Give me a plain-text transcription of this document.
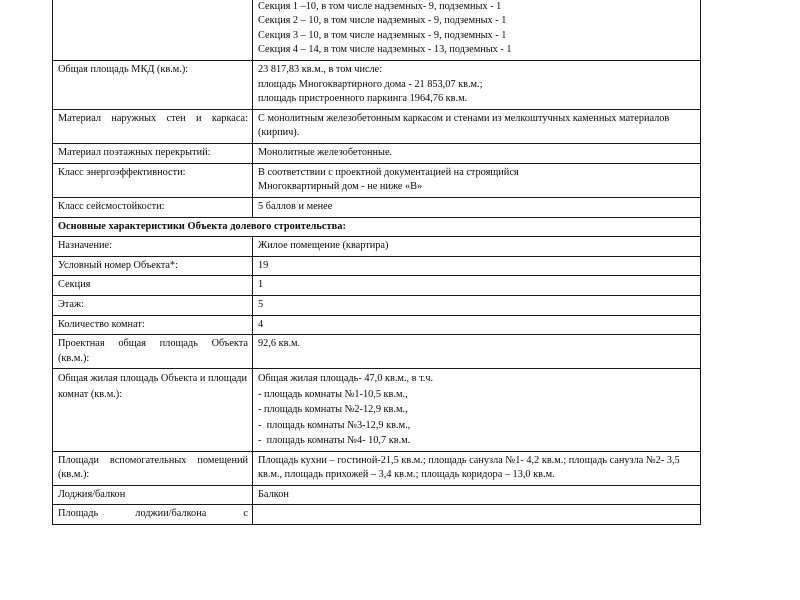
	Секция 1 –10, в том числе надземных- 9, подземных - 1
Секция 2 – 10, в том числе надземных - 9, подземных - 1
Секция 3 – 10, в том числе надземных - 9, подземных - 1
Секция 4 – 14, в том числе надземных - 13, подземных - 1

Общая площадь МКД (кв.м.):	23 817,83 кв.м., в том числе:
площадь Многоквартирного дома - 21 853,07 кв.м.;
площадь пристроенного паркинга 1964,76 кв.м.

Материал наружных стен и каркаса:	С монолитным железобетонным каркасом и стенами из мелкоштучных каменных материалов (кирпич).
Материал поэтажных перекрытий:	Монолитные железобетонные.

Класс энергоэффективности:	В соответствии с проектной документацией на строящийся
Многоквартирный дом - не ниже «В»

Класс сейсмостойкости:	5 баллов и менее

Основные характеристики Объекта долевого строительства:	

Назначение:	Жилое помещение (квартира)

Условный номер Объекта*:	19

Секция	1

Этаж:	5

Количество комнат:	4

Проектная общая площадь Объекта (кв.м.):	92,6 кв.м.

Общая жилая площадь Объекта и площади комнат (кв.м.):	Общая жилая площадь- 47,0 кв.м., в т.ч.
- площадь комнаты №1-10,5 кв.м.,
- площадь комнаты №2-12,9 кв.м.,
-  площадь комнаты №3-12,9 кв.м.,
-  площадь комнаты №4- 10,7 кв.м.

Площади вспомогательных помещений (кв.м.):	Площадь кухни – гостиной-21,5 кв.м.; площадь санузла №1- 4,2 кв.м.; площадь санузла №2- 3,5 кв.м., площадь прихожей – 3,4 кв.м.; площадь коридора – 13,0 кв.м.

Лоджия/балкон	Балкон

Площадь лоджии/балкона с	
